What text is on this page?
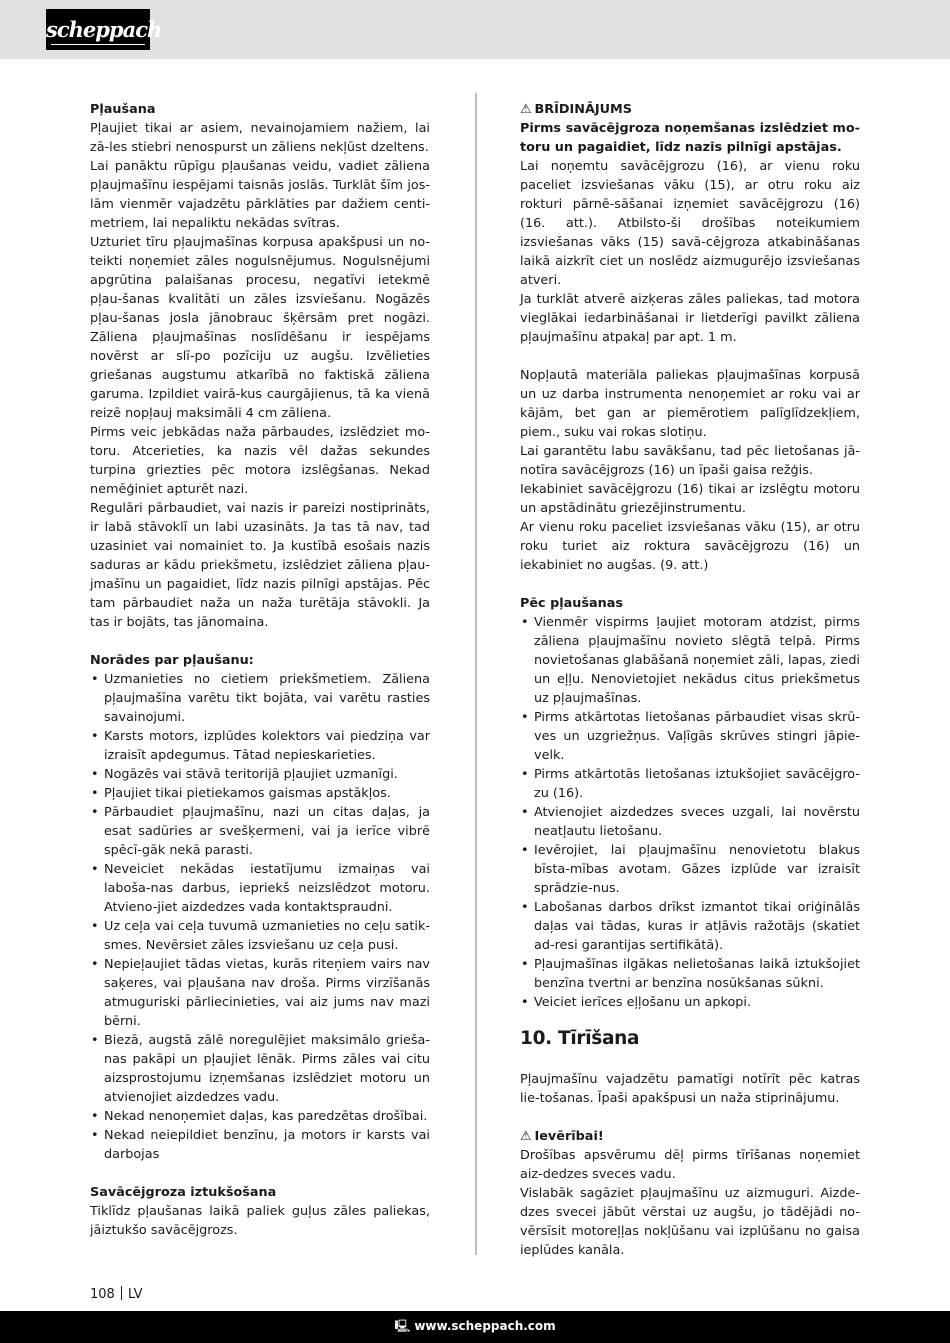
scheppach
Pļaušana

Pļaujiet tikai ar asiem, nevainojamiem nažiem, lai zā-les stiebri nenospurst un zāliens nekļūst dzeltens.

Lai panāktu rūpīgu pļaušanas veidu, vadiet zāliena pļaujmašīnu iespējami taisnās joslās. Turklāt šīm jos-lām vienmēr vajadzētu pārklāties par dažiem centi-metriem, lai nepaliktu nekādas svītras.

Uzturiet tīru pļaujmašīnas korpusa apakšpusi un no-teikti noņemiet zāles nogulsnējumus. Nogulsnējumi apgrūtina palaišanas procesu, negatīvi ietekmē pļau-šanas kvalitāti un zāles izsviešanu. Nogāzēs pļau-šanas josla jānobrauc šķērsām pret nogāzi. Zāliena pļaujmašīnas noslīdēšanu ir iespējams novērst ar slī-po pozīciju uz augšu. Izvēlieties griešanas augstumu atkarībā no faktiskā zāliena garuma. Izpildiet vairā-kus caurgājienus, tā ka vienā reizē nopļauj maksimāli 4 cm zāliena.

Pirms veic jebkādas naža pārbaudes, izslēdziet mo-toru. Atcerieties, ka nazis vēl dažas sekundes turpina griezties pēc motora izslēgšanas. Nekad nemēģiniet apturēt nazi.

Regulāri pārbaudiet, vai nazis ir pareizi nostiprināts, ir labā stāvoklī un labi uzasināts. Ja tas tā nav, tad uzasiniet vai nomainiet to. Ja kustībā esošais nazis saduras ar kādu priekšmetu, izslēdziet zāliena pļau-jmašīnu un pagaidiet, līdz nazis pilnīgi apstājas. Pēc tam pārbaudiet naža un naža turētāja stāvokli. Ja tas ir bojāts, tas jānomaina.

Norādes par pļaušanu:
• Uzmanieties no cietiem priekšmetiem. Zāliena pļaujmašīna varētu tikt bojāta, vai varētu rasties savainojumi.
• Karsts motors, izplūdes kolektors vai piedziņa var izraisīt apdegumus. Tātad nepieskarieties.
• Nogāzēs vai stāvā teritorijā pļaujiet uzmanīgi.
• Pļaujiet tikai pietiekamos gaismas apstākļos.
• Pārbaudiet pļaujmašīnu, nazi un citas daļas, ja esat sadūries ar svešķermeni, vai ja ierīce vibrē spēcī-gāk nekā parasti.
• Neveiciet nekādas iestatījumu izmaiņas vai laboša-nas darbus, iepriekš neizslēdzot motoru. Atvieno-jiet aizdedzes vada kontaktspraudni.
• Uz ceļa vai ceļa tuvumā uzmanieties no ceļu satik-smes. Nevērsiet zāles izsviešanu uz ceļa pusi.
• Nepieļaujiet tādas vietas, kurās riteņiem vairs nav saķeres, vai pļaušana nav droša. Pirms virzīšanās atmuguriski pārliecinieties, vai aiz jums nav mazi bērni.
• Biezā, augstā zālē noregulējiet maksimālo grieša-nas pakāpi un pļaujiet lēnāk. Pirms zāles vai citu aizsprostojumu izņemšanas izslēdziet motoru un atvienojiet aizdedzes vadu.
• Nekad nenoņemiet daļas, kas paredzētas drošībai.
• Nekad neiepildiet benzīnu, ja motors ir karsts vai darbojas
Savācējgroza iztukšošana

Tiklīdz pļaušanas laikā paliek guļus zāles paliekas, jāiztukšo savācējgrozs.

⚠ BRĪDINĀJUMS

Pirms savācējgroza noņemšanas izslēdziet mo-toru un pagaidiet, līdz nazis pilnīgi apstājas.

Lai noņemtu savācējgrozu (16), ar vienu roku paceliet izsviešanas vāku (15), ar otru roku aiz rokturi pārnē-sāšanai izņemiet savācējgrozu (16) (16. att.). Atbilsto-ši drošības noteikumiem izsviešanas vāks (15) savā-cējgroza atkabināšanas laikā aizkrīt ciet un noslēdz aizmugurējo izsviešanas atveri.

Ja turklāt atverē aizķeras zāles paliekas, tad motora vieglākai iedarbināšanai ir lietderīgi pavilkt zāliena pļaujmašīnu atpakaļ par apt. 1 m.

Nopļautā materiāla paliekas pļaujmašīnas korpusā un uz darba instrumenta nenoņemiet ar roku vai ar kājām, bet gan ar piemērotiem palīglīdzekļiem, piem., suku vai rokas slotiņu.

Lai garantētu labu savākšanu, tad pēc lietošanas jā-notīra savācējgrozs (16) un īpaši gaisa režģis.

Iekabiniet savācējgrozu (16) tikai ar izslēgtu motoru un apstādinātu griezējinstrumentu.

Ar vienu roku paceliet izsviešanas vāku (15), ar otru roku turiet aiz roktura savācējgrozu (16) un iekabiniet no augšas. (9. att.)

Pēc pļaušanas
• Vienmēr vispirms ļaujiet motoram atdzist, pirms zāliena pļaujmašīnu novieto slēgtā telpā. Pirms novietošanas glabāšanā noņemiet zāli, lapas, ziedi un eļļu. Nenovietojiet nekādus citus priekšmetus uz pļaujmašīnas.
• Pirms atkārtotas lietošanas pārbaudiet visas skrū-ves un uzgriežņus. Vaļīgās skrūves stingri jāpie-velk.
• Pirms atkārtotās lietošanas iztukšojiet savācējgro-zu (16).
• Atvienojiet aizdedzes sveces uzgali, lai novērstu neatļautu lietošanu.
• Ievērojiet, lai pļaujmašīnu nenovietotu blakus bīsta-mības avotam. Gāzes izplūde var izraisīt sprādzie-nus.
• Labošanas darbos drīkst izmantot tikai oriģinālās daļas vai tādas, kuras ir atļāvis ražotājs (skatiet ad-resi garantijas sertifikātā).
• Pļaujmašīnas ilgākas nelietošanas laikā iztukšojiet benzīna tvertni ar benzīna nosūkšanas sūkni.
• Veiciet ierīces eļļošanu un apkopi.
10. Tīrīšana

Pļaujmašīnu vajadzētu pamatīgi notīrīt pēc katras lie-tošanas. Īpaši apakšpusi un naža stiprinājumu.

⚠ Ievērībai!

Drošības apsvērumu dēļ pirms tīrīšanas noņemiet aiz-dedzes sveces vadu.

Vislabāk sagāziet pļaujmašīnu uz aizmuguri. Aizde-dzes svecei jābūt vērstai uz augšu, jo tādējādi no-vērsīsit motoreļļas nokļūšanu vai izplūšanu no gaisa ieplūdes kanāla.

108 LV
🖳 www.scheppach.com
